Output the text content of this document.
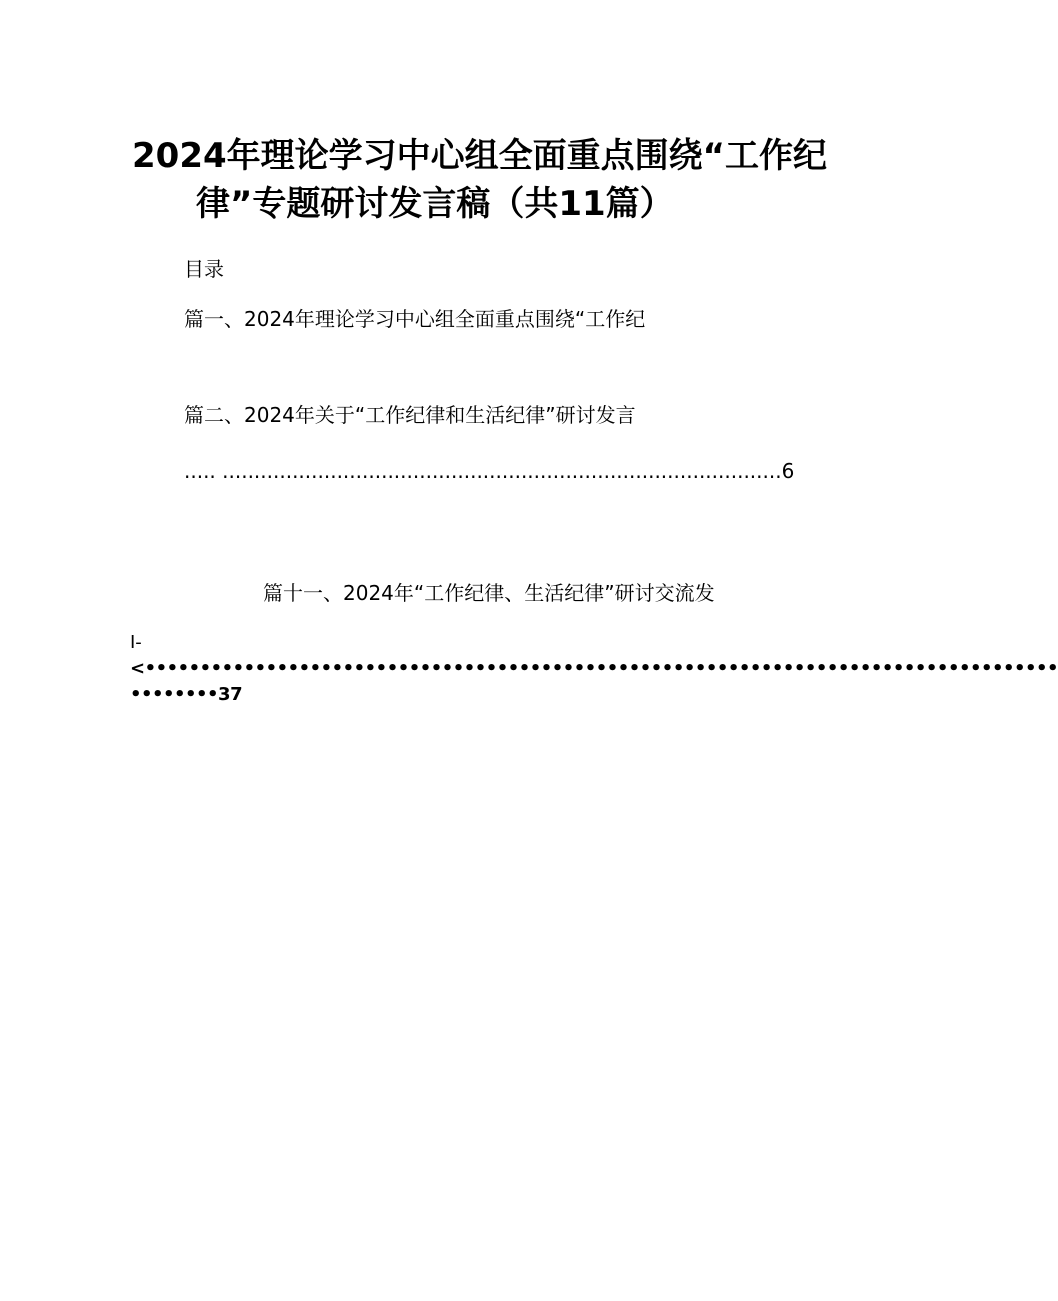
2024年理论学习中心组全面重点围绕“工作纪
律”专题研讨发言稿（共11篇）
目录
篇一、2024年理论学习中心组全面重点围绕“工作纪
篇二、2024年关于“工作纪律和生活纪律”研讨发言
..... ........................................................................................6
篇十一、2024年“工作纪律、生活纪律”研讨交流发
I-
<•••••••••••••••••••••••••••••••••••••••••••••••••••••••••••••••••••••••••••••••••••
••••••••37
